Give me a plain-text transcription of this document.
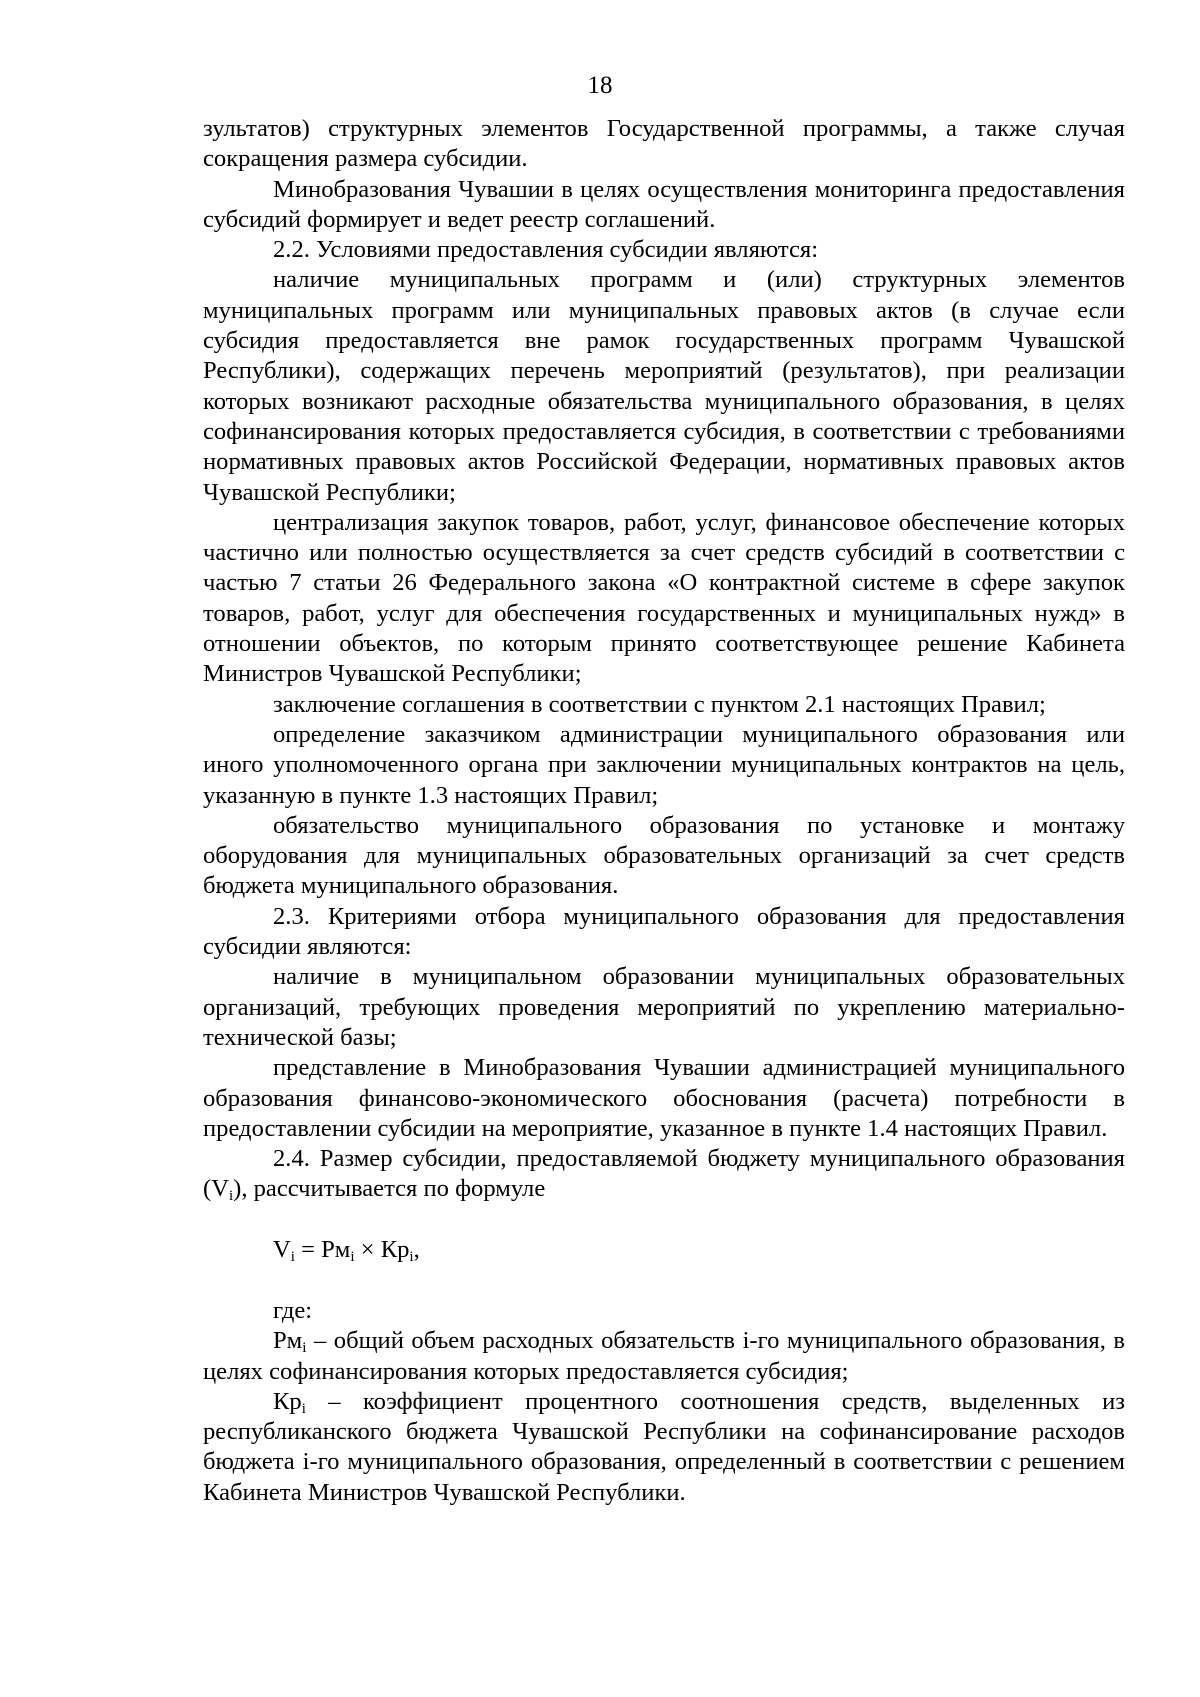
18

зультатов) структурных элементов Государственной программы, а также случая сокращения размера субсидии.

Минобразования Чувашии в целях осуществления мониторинга предоставления субсидий формирует и ведет реестр соглашений.

2.2. Условиями предоставления субсидии являются:

наличие муниципальных программ и (или) структурных элементов муниципальных программ или муниципальных правовых актов (в случае если субсидия предоставляется вне рамок государственных программ Чувашской Республики), содержащих перечень мероприятий (результатов), при реализации которых возникают расходные обязательства муниципального образования, в целях софинансирования которых предоставляется субсидия, в соответствии с требованиями нормативных правовых актов Российской Федерации, нормативных правовых актов Чувашской Республики;

централизация закупок товаров, работ, услуг, финансовое обеспечение которых частично или полностью осуществляется за счет средств субсидий в соответствии с частью 7 статьи 26 Федерального закона «О контрактной системе в сфере закупок товаров, работ, услуг для обеспечения государственных и муниципальных нужд» в отношении объектов, по которым принято соответствующее решение Кабинета Министров Чувашской Республики;

заключение соглашения в соответствии с пунктом 2.1 настоящих Правил;

определение заказчиком администрации муниципального образования или иного уполномоченного органа при заключении муниципальных контрактов на цель, указанную в пункте 1.3 настоящих Правил;

обязательство муниципального образования по установке и монтажу оборудования для муниципальных образовательных организаций за счет средств бюджета муниципального образования.

2.3. Критериями отбора муниципального образования для предоставления субсидии являются:

наличие в муниципальном образовании муниципальных образовательных организаций, требующих проведения мероприятий по укреплению материально-технической базы;

представление в Минобразования Чувашии администрацией муниципального образования финансово-экономического обоснования (расчета) потребности в предоставлении субсидии на мероприятие, указанное в пункте 1.4 настоящих Правил.

2.4. Размер субсидии, предоставляемой бюджету муниципального образования $(V_i)$, рассчитывается по формуле

$V_i = Рм_i \times Кр_i$,

где:

$Рм_i$ – общий объем расходных обязательств i-го муниципального образования, в целях софинансирования которых предоставляется субсидия;

$Кр_i$ – коэффициент процентного соотношения средств, выделенных из республиканского бюджета Чувашской Республики на софинансирование расходов бюджета i-го муниципального образования, определенный в соответствии с решением Кабинета Министров Чувашской Республики.
